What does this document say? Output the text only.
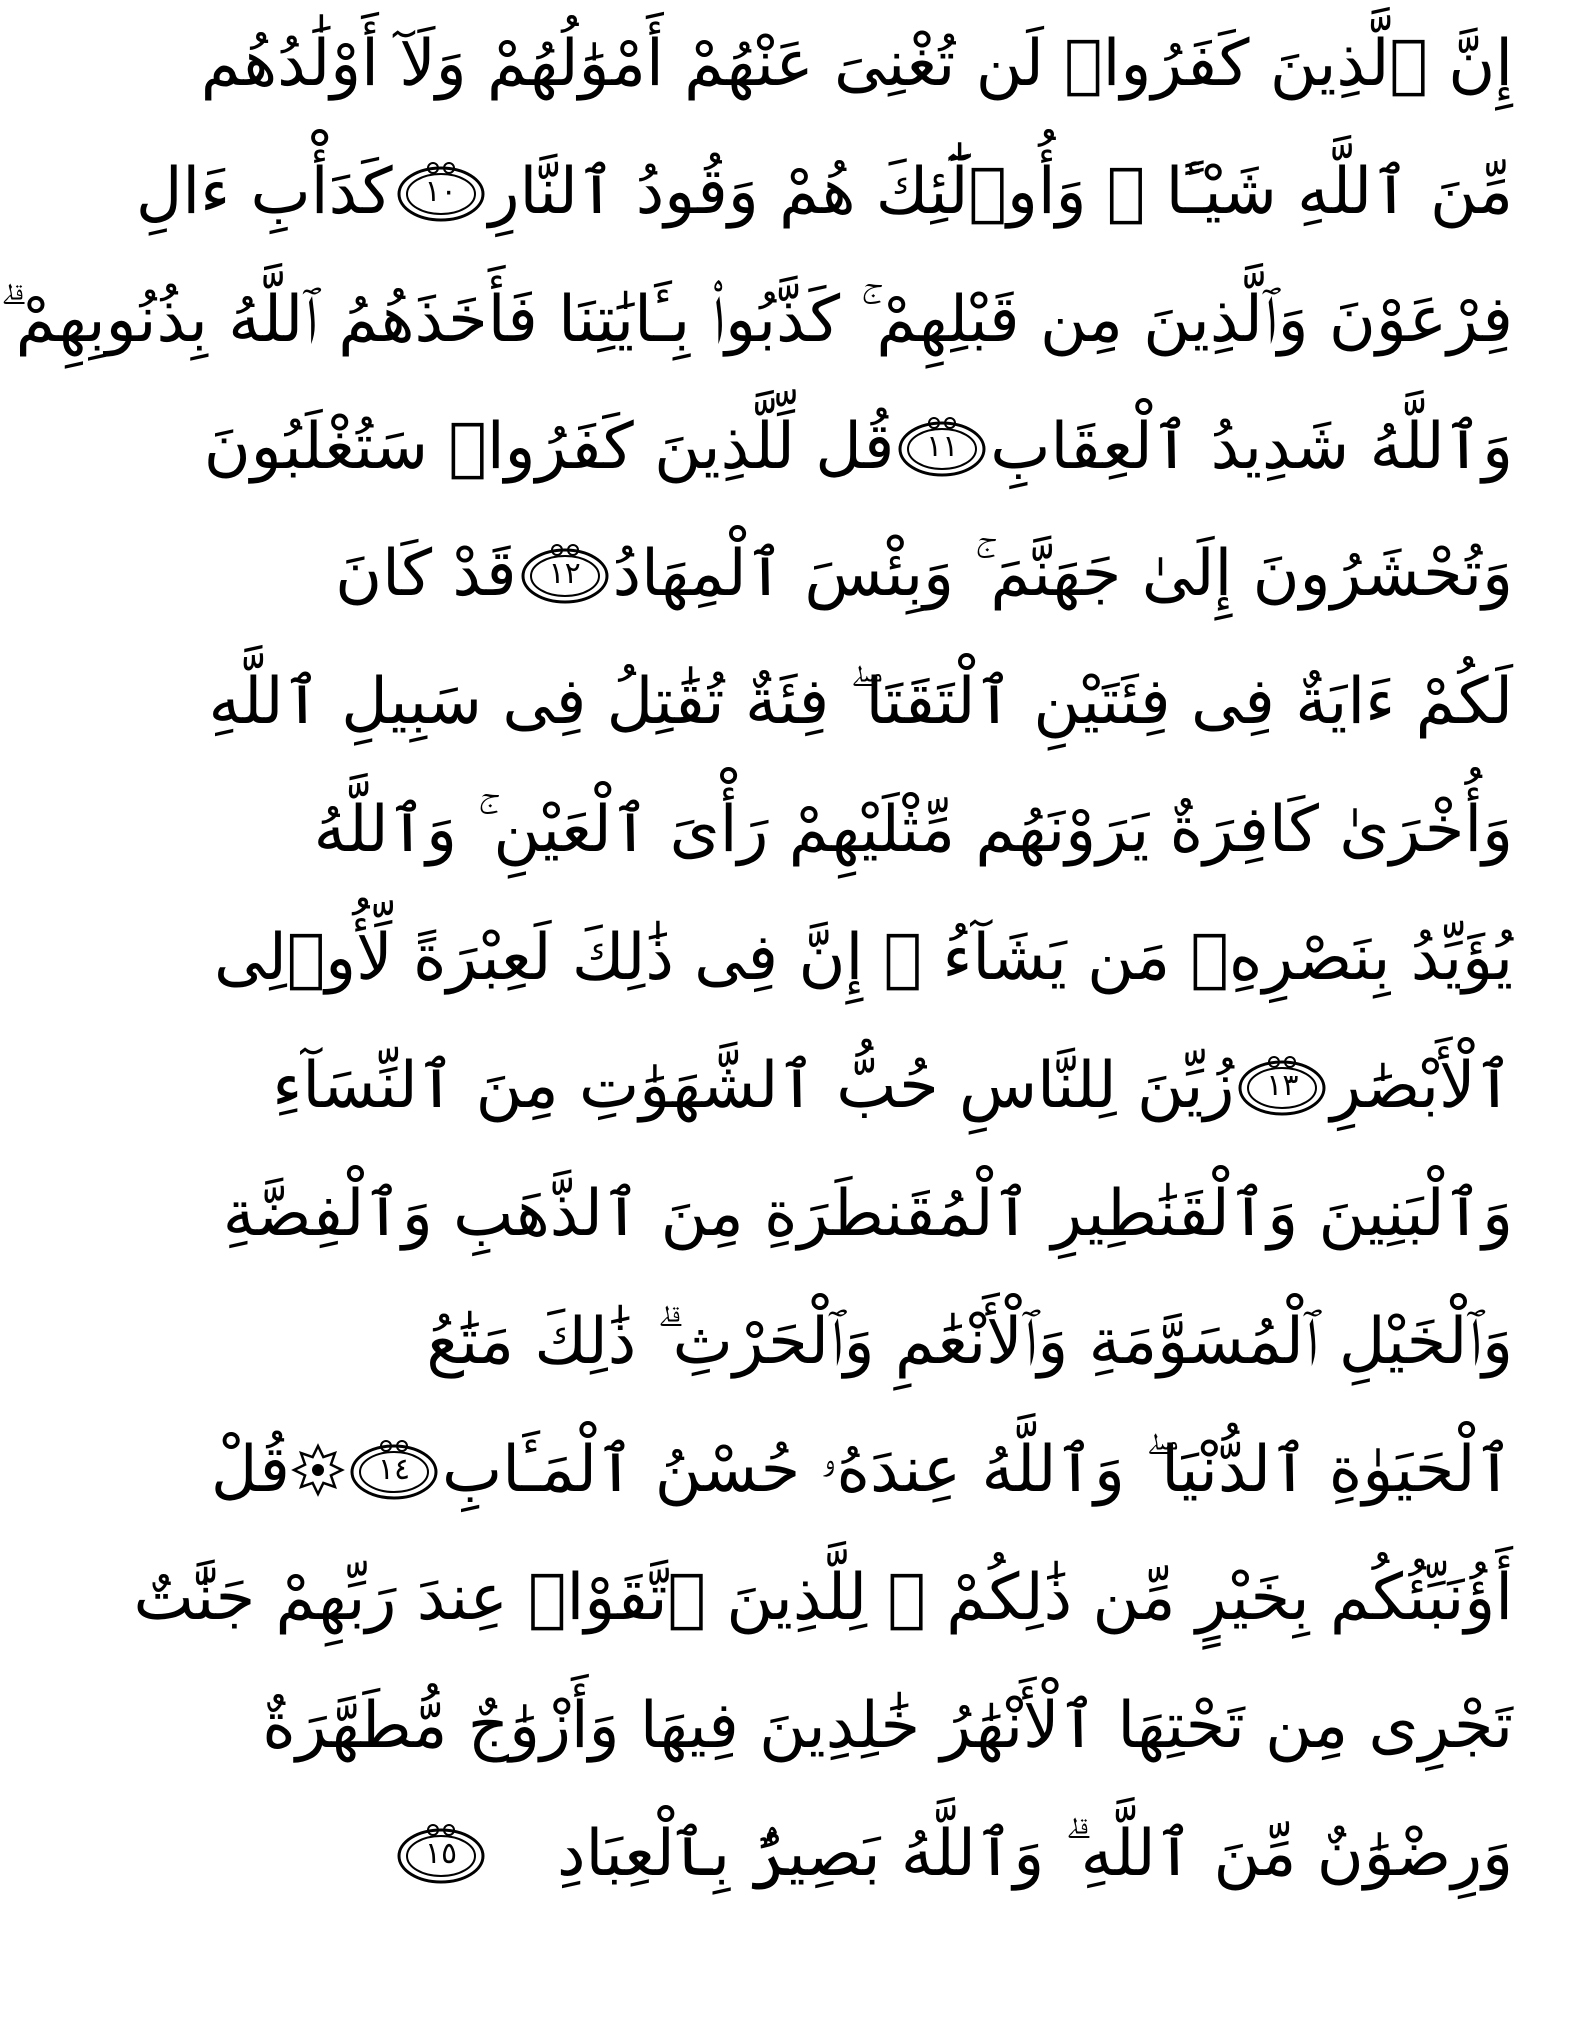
إِنَّ ٱلَّذِينَ كَفَرُوا۟ لَن تُغْنِىَ عَنْهُمْ أَمْوَٰلُهُمْ وَلَآ أَوْلَٰدُهُم
مِّنَ ٱللَّهِ شَيْـًٔا ۖ وَأُو۟لَٰٓئِكَ هُمْ وَقُودُ ٱلنَّارِ
١٠
كَدَأْبِ ءَالِ
فِرْعَوْنَ وَٱلَّذِينَ مِن قَبْلِهِمْ ۚ كَذَّبُوا۟ بِـَٔايَٰتِنَا فَأَخَذَهُمُ ٱللَّهُ بِذُنُوبِهِمْ ۗ
وَٱللَّهُ شَدِيدُ ٱلْعِقَابِ
١١
قُل لِّلَّذِينَ كَفَرُوا۟ سَتُغْلَبُونَ
وَتُحْشَرُونَ إِلَىٰ جَهَنَّمَ ۚ وَبِئْسَ ٱلْمِهَادُ
١٢
قَدْ كَانَ
لَكُمْ ءَايَةٌ فِى فِئَتَيْنِ ٱلْتَقَتَا ۖ فِئَةٌ تُقَٰتِلُ فِى سَبِيلِ ٱللَّهِ
وَأُخْرَىٰ كَافِرَةٌ يَرَوْنَهُم مِّثْلَيْهِمْ رَأْىَ ٱلْعَيْنِ ۚ وَٱللَّهُ
يُؤَيِّدُ بِنَصْرِهِۦ مَن يَشَآءُ ۗ إِنَّ فِى ذَٰلِكَ لَعِبْرَةً لِّأُو۟لِى
ٱلْأَبْصَٰرِ
١٣
زُيِّنَ لِلنَّاسِ حُبُّ ٱلشَّهَوَٰتِ مِنَ ٱلنِّسَآءِ
وَٱلْبَنِينَ وَٱلْقَنَٰطِيرِ ٱلْمُقَنطَرَةِ مِنَ ٱلذَّهَبِ وَٱلْفِضَّةِ
وَٱلْخَيْلِ ٱلْمُسَوَّمَةِ وَٱلْأَنْعَٰمِ وَٱلْحَرْثِ ۗ ذَٰلِكَ مَتَٰعُ
ٱلْحَيَوٰةِ ٱلدُّنْيَا ۖ وَٱللَّهُ عِندَهُۥ حُسْنُ ٱلْمَـَٔابِ
١٤
قُلْ
أَؤُنَبِّئُكُم بِخَيْرٍ مِّن ذَٰلِكُمْ ۚ لِلَّذِينَ ٱتَّقَوْا۟ عِندَ رَبِّهِمْ جَنَّٰتٌ
تَجْرِى مِن تَحْتِهَا ٱلْأَنْهَٰرُ خَٰلِدِينَ فِيهَا وَأَزْوَٰجٌ مُّطَهَّرَةٌ
وَرِضْوَٰنٌ مِّنَ ٱللَّهِ ۗ وَٱللَّهُ بَصِيرٌۢ بِٱلْعِبَادِ
١٥
